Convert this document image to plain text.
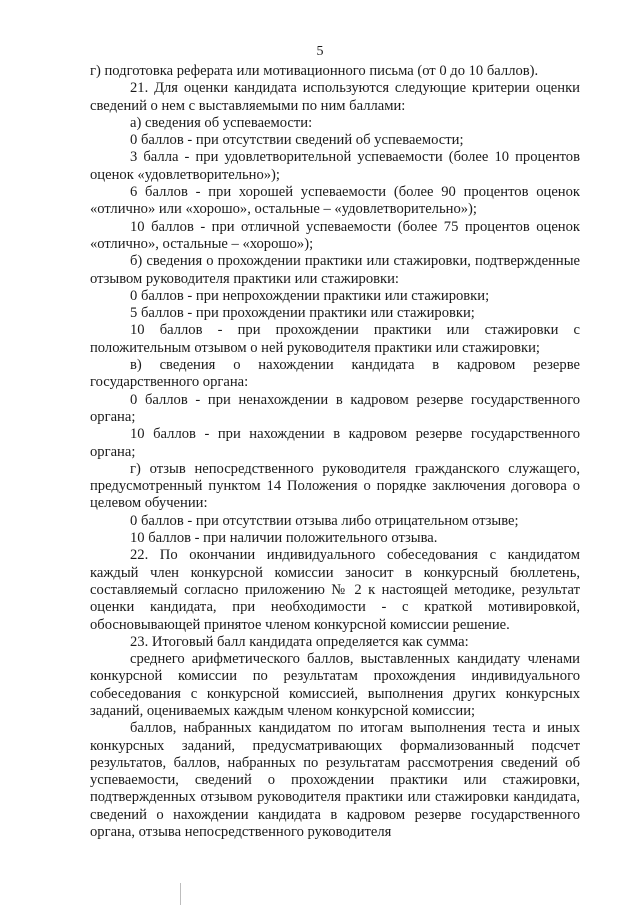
5

г) подготовка реферата или мотивационного письма (от 0 до 10 баллов).

21. Для оценки кандидата используются следующие критерии оценки сведений о нем с выставляемыми по ним баллами:

а) сведения об успеваемости:

0 баллов - при отсутствии сведений об успеваемости;

3 балла - при удовлетворительной успеваемости (более 10 процентов оценок «удовлетворительно»);

6 баллов - при хорошей успеваемости (более 90 процентов оценок «отлично» или «хорошо», остальные – «удовлетворительно»);

10 баллов - при отличной успеваемости (более 75 процентов оценок «отлично», остальные – «хорошо»);

б) сведения о прохождении практики или стажировки, подтвержденные отзывом руководителя практики или стажировки:

0 баллов - при непрохождении практики или стажировки;

5 баллов - при прохождении практики или стажировки;

10 баллов - при прохождении практики или стажировки с положительным отзывом о ней руководителя практики или стажировки;

в) сведения о нахождении кандидата в кадровом резерве государственного органа:

0 баллов - при ненахождении в кадровом резерве государственного органа;

10 баллов - при нахождении в кадровом резерве государственного органа;

г) отзыв непосредственного руководителя гражданского служащего, предусмотренный пунктом 14 Положения о порядке заключения договора о целевом обучении:

0 баллов - при отсутствии отзыва либо отрицательном отзыве;

10 баллов - при наличии положительного отзыва.

22. По окончании индивидуального собеседования с кандидатом каждый член конкурсной комиссии заносит в конкурсный бюллетень, составляемый согласно приложению № 2 к настоящей методике, результат оценки кандидата, при необходимости - с краткой мотивировкой, обосновывающей принятое членом конкурсной комиссии решение.

23. Итоговый балл кандидата определяется как сумма:

среднего арифметического баллов, выставленных кандидату членами конкурсной комиссии по результатам прохождения индивидуального собеседования с конкурсной комиссией, выполнения других конкурсных заданий, оцениваемых каждым членом конкурсной комиссии;

баллов, набранных кандидатом по итогам выполнения теста и иных конкурсных заданий, предусматривающих формализованный подсчет результатов, баллов, набранных по результатам рассмотрения сведений об успеваемости, сведений о прохождении практики или стажировки, подтвержденных отзывом руководителя практики или стажировки кандидата, сведений о нахождении кандидата в кадровом резерве государственного органа, отзыва непосредственного руководителя
